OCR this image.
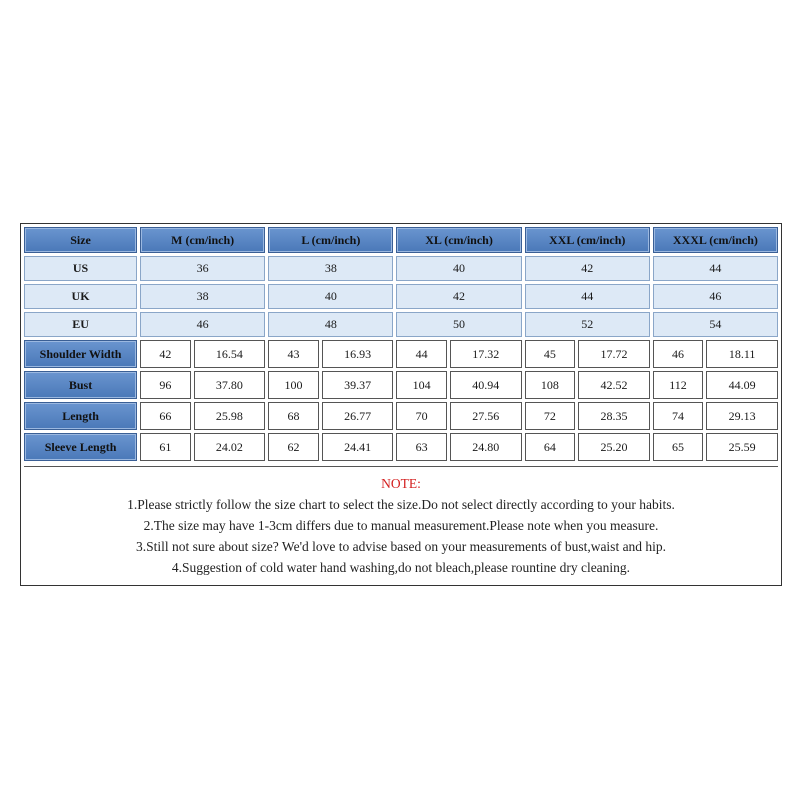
Size	M (cm/inch)		L (cm/inch)		XL (cm/inch)		XXL (cm/inch)		XXXL (cm/inch)	
US	36		38		40		42		44	
UK	38		40		42		44		46	
EU	46		48		50		52		54	
Shoulder Width	42	16.54	43	16.93	44	17.32	45	17.72	46	18.11
Bust	96	37.80	100	39.37	104	40.94	108	42.52	112	44.09
Length	66	25.98	68	26.77	70	27.56	72	28.35	74	29.13
Sleeve Length	61	24.02	62	24.41	63	24.80	64	25.20	65	25.59
NOTE:
1.Please strictly follow the size chart to select the size.Do not select directly according to your habits.
2.The size may have 1-3cm differs due to manual measurement.Please note when you measure.
3.Still not sure about size? We'd love to advise based on your measurements of bust,waist and hip.
4.Suggestion of cold water hand washing,do not bleach,please rountine dry cleaning.
